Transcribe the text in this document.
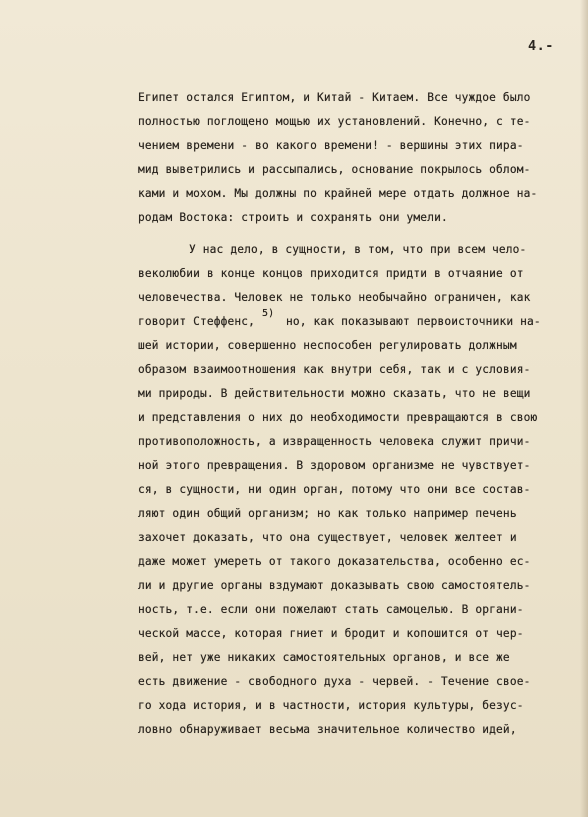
4.-
Египет остался Египтом, и Китай - Китаем. Все чуждое было
полностью поглощено мощью их установлений. Конечно, с те-
чением времени - во какого времени! - вершины этих пира-
мид выветрились и рассыпались, основание покрылось облом-
ками и мохом. Мы должны по крайней мере отдать должное на-
родам Востока: строить и сохранять они умели.
У нас дело, в сущности, в том, что при всем чело-
веколюбии в конце концов приходится придти в отчаяние от
человечества. Человек не только необычайно ограничен, как
говорит Стеффенс,
5)
но, как показывают первоисточники на-
шей истории, совершенно неспособен регулировать должным
образом взаимоотношения как внутри себя, так и с условия-
ми природы. В действительности можно сказать, что не вещи
и представления о них до необходимости превращаются в свою
противоположность, а извращенность человека служит причи-
ной этого превращения. В здоровом организме не чувствует-
ся, в сущности, ни один орган, потому что они все состав-
ляют один общий организм; но как только например печень
захочет доказать, что она существует, человек желтеет и
даже может умереть от такого доказательства, особенно ес-
ли и другие органы вздумают доказывать свою самостоятель-
ность, т.е. если они пожелают стать самоцелью. В органи-
ческой массе, которая гниет и бродит и копошится от чер-
вей, нет уже никаких самостоятельных органов, и все же
есть движение - свободного духа - червей. - Течение свое-
го хода история, и в частности, история культуры, безус-
ловно обнаруживает весьма значительное количество идей,
